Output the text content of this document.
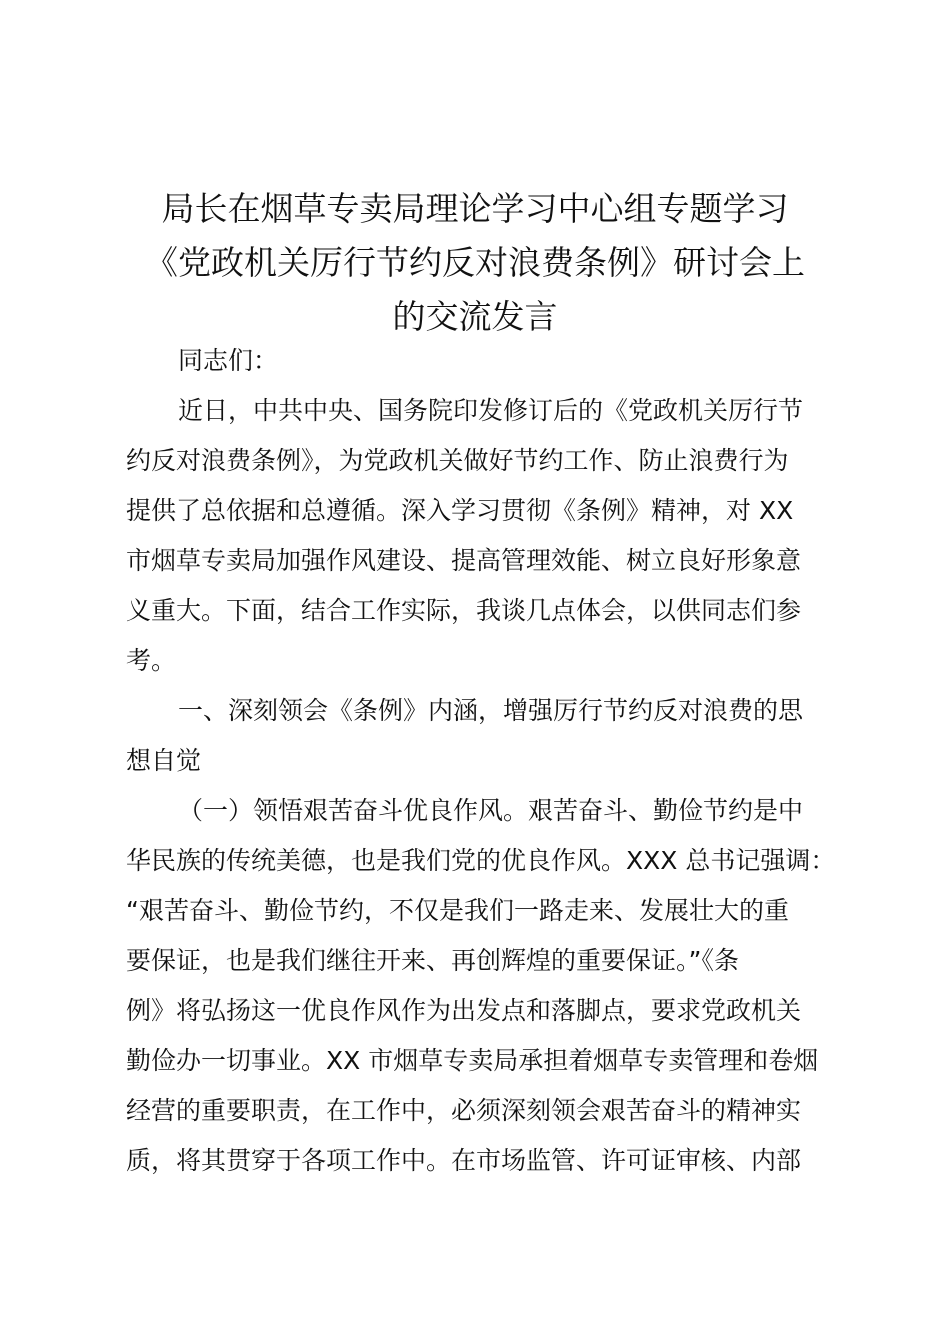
局长在烟草专卖局理论学习中心组专题学习
《党政机关厉行节约反对浪费条例》研讨会上
的交流发言
同志们：
近日，中共中央、国务院印发修订后的《党政机关厉行节
约反对浪费条例》，为党政机关做好节约工作、防止浪费行为
提供了总依据和总遵循。深入学习贯彻《条例》精神，对 XX
市烟草专卖局加强作风建设、提高管理效能、树立良好形象意
义重大。下面，结合工作实际，我谈几点体会，以供同志们参
考。
一、深刻领会《条例》内涵，增强厉行节约反对浪费的思
想自觉
（一）领悟艰苦奋斗优良作风。艰苦奋斗、勤俭节约是中
华民族的传统美德，也是我们党的优良作风。XXX 总书记强调：
“艰苦奋斗、勤俭节约，不仅是我们一路走来、发展壮大的重
要保证，也是我们继往开来、再创辉煌的重要保证。”《条
例》将弘扬这一优良作风作为出发点和落脚点，要求党政机关
勤俭办一切事业。XX 市烟草专卖局承担着烟草专卖管理和卷烟
经营的重要职责，在工作中，必须深刻领会艰苦奋斗的精神实
质，将其贯穿于各项工作中。在市场监管、许可证审核、内部
